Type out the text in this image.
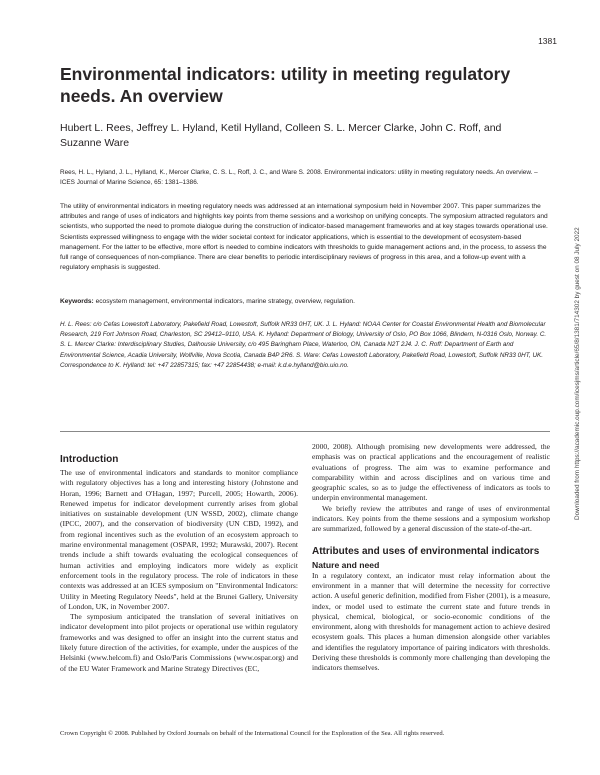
1381
Environmental indicators: utility in meeting regulatory needs. An overview
Hubert L. Rees, Jeffrey L. Hyland, Ketil Hylland, Colleen S. L. Mercer Clarke, John C. Roff, and Suzanne Ware
Rees, H. L., Hyland, J. L., Hylland, K., Mercer Clarke, C. S. L., Roff, J. C., and Ware S. 2008. Environmental indicators: utility in meeting regulatory needs. An overview. – ICES Journal of Marine Science, 65: 1381–1386.
The utility of environmental indicators in meeting regulatory needs was addressed at an international symposium held in November 2007. This paper summarizes the attributes and range of uses of indicators and highlights key points from theme sessions and a workshop on unifying concepts. The symposium attracted regulators and scientists, who supported the need to promote dialogue during the construction of indicator-based management frameworks and at key stages towards operational use. Scientists expressed willingness to engage with the wider societal context for indicator applications, which is essential to the development of ecosystem-based management. For the latter to be effective, more effort is needed to combine indicators with thresholds to guide management actions and, in the process, to assess the full range of consequences of non-compliance. There are clear benefits to periodic interdisciplinary reviews of progress in this area, and a follow-up event with a regulatory emphasis is suggested.
Keywords: ecosystem management, environmental indicators, marine strategy, overview, regulation.
H. L. Rees: c/o Cefas Lowestoft Laboratory, Pakefield Road, Lowestoft, Suffolk NR33 0HT, UK. J. L. Hyland: NOAA Center for Coastal Environmental Health and Biomolecular Research, 219 Fort Johnson Road, Charleston, SC 29412–9110, USA. K. Hylland: Department of Biology, University of Oslo, PO Box 1066, Blindern, N-0316 Oslo, Norway. C. S. L. Mercer Clarke: Interdisciplinary Studies, Dalhousie University, c/o 495 Baringham Place, Waterloo, ON, Canada N2T 2J4. J. C. Roff: Department of Earth and Environmental Science, Acadia University, Wolfville, Nova Scotia, Canada B4P 2R6. S. Ware: Cefas Lowestoft Laboratory, Pakefield Road, Lowestoft, Suffolk NR33 0HT, UK. Correspondence to K. Hylland: tel: +47 22857315; fax: +47 22854438; e-mail: k.d.e.hylland@bio.uio.no.
Introduction

The use of environmental indicators and standards to monitor compliance with regulatory objectives has a long and interesting history (Johnstone and Horan, 1996; Barnett and O'Hagan, 1997; Purcell, 2005; Howarth, 2006). Renewed impetus for indicator development currently arises from global initiatives on sustainable development (UN WSSD, 2002), climate change (IPCC, 2007), and the conservation of biodiversity (UN CBD, 1992), and from regional incentives such as the evolution of an ecosystem approach to marine environmental management (OSPAR, 1992; Murawski, 2007). Recent trends include a shift towards evaluating the ecological consequences of human activities and employing indicators more widely as explicit enforcement tools in the regulatory process. The role of indicators in these contexts was addressed at an ICES symposium on "Environmental Indicators: Utility in Meeting Regulatory Needs", held at the Brunei Gallery, University of London, UK, in November 2007.

The symposium anticipated the translation of several initiatives on indicator development into pilot projects or operational use within regulatory frameworks and was designed to offer an insight into the current status and likely future direction of the activities, for example, under the auspices of the Helsinki (www.helcom.fi) and Oslo/Paris Commissions (www.ospar.org) and of the EU Water Framework and Marine Strategy Directives (EC,

2000, 2008). Although promising new developments were addressed, the emphasis was on practical applications and the encouragement of realistic evaluations of progress. The aim was to examine performance and comparability within and across disciplines and on various time and geographic scales, so as to judge the effectiveness of indicators as tools to underpin environmental management.

We briefly review the attributes and range of uses of environmental indicators. Key points from the theme sessions and a symposium workshop are summarized, followed by a general discussion of the state-of-the-art.

Attributes and uses of environmental indicators
Nature and need

In a regulatory context, an indicator must relay information about the environment in a manner that will determine the necessity for corrective action. A useful generic definition, modified from Fisher (2001), is a measure, index, or model used to estimate the current state and future trends in physical, chemical, biological, or socio-economic conditions of the environment, along with thresholds for management action to achieve desired ecosystem goals. This places a human dimension alongside other variables and identifies the regulatory importance of pairing indicators with thresholds. Deriving these thresholds is commonly more challenging than developing the indicators themselves.

Crown Copyright © 2008. Published by Oxford Journals on behalf of the International Council for the Exploration of the Sea. All rights reserved.
Downloaded from https://academic.oup.com/icesjms/article/65/8/1381/714302 by guest on 08 July 2022
